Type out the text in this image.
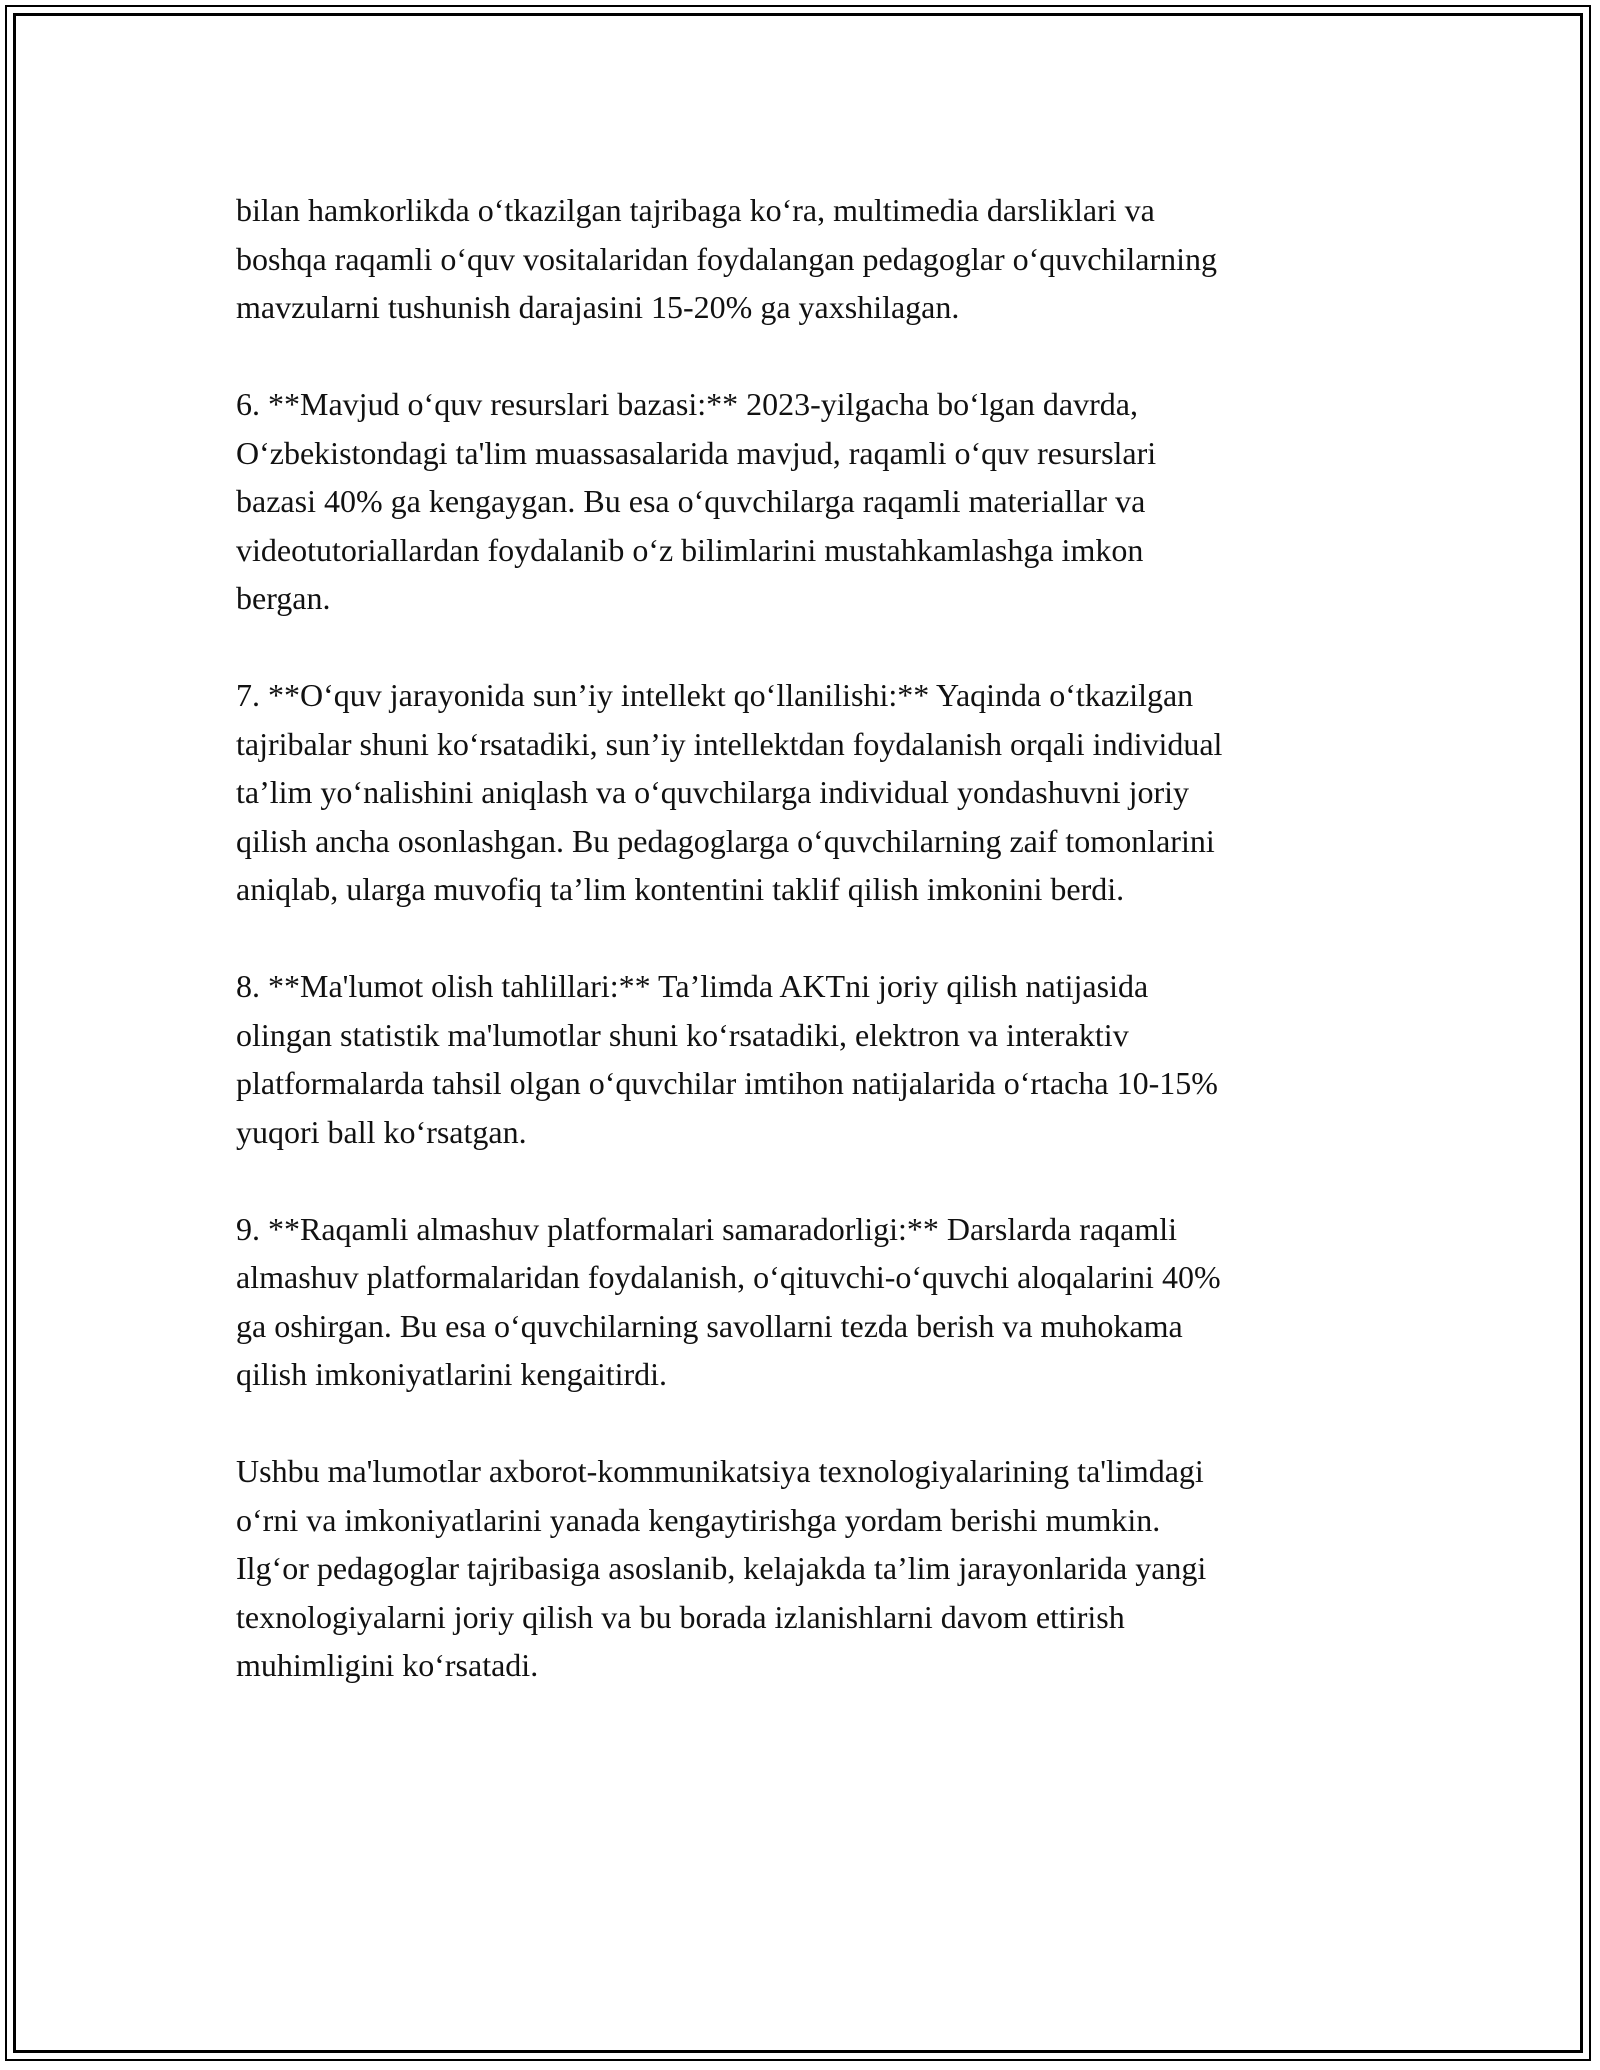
bilan hamkorlikda o‘tkazilgan tajribaga ko‘ra, multimedia darsliklari va
boshqa raqamli o‘quv vositalaridan foydalangan pedagoglar o‘quvchilarning
mavzularni tushunish darajasini 15-20% ga yaxshilagan.

6. **Mavjud o‘quv resurslari bazasi:** 2023-yilgacha bo‘lgan davrda,
O‘zbekistondagi ta'lim muassasalarida mavjud, raqamli o‘quv resurslari
bazasi 40% ga kengaygan. Bu esa o‘quvchilarga raqamli materiallar va
videotutoriallardan foydalanib o‘z bilimlarini mustahkamlashga imkon
bergan.

7. **O‘quv jarayonida sun’iy intellekt qo‘llanilishi:** Yaqinda o‘tkazilgan
tajribalar shuni ko‘rsatadiki, sun’iy intellektdan foydalanish orqali individual
ta’lim yo‘nalishini aniqlash va o‘quvchilarga individual yondashuvni joriy
qilish ancha osonlashgan. Bu pedagoglarga o‘quvchilarning zaif tomonlarini
aniqlab, ularga muvofiq ta’lim kontentini taklif qilish imkonini berdi.

8. **Ma'lumot olish tahlillari:** Ta’limda AKTni joriy qilish natijasida
olingan statistik ma'lumotlar shuni ko‘rsatadiki, elektron va interaktiv
platformalarda tahsil olgan o‘quvchilar imtihon natijalarida o‘rtacha 10-15%
yuqori ball ko‘rsatgan.

9. **Raqamli almashuv platformalari samaradorligi:** Darslarda raqamli
almashuv platformalaridan foydalanish, o‘qituvchi-o‘quvchi aloqalarini 40%
ga oshirgan. Bu esa o‘quvchilarning savollarni tezda berish va muhokama
qilish imkoniyatlarini kengaitirdi.

Ushbu ma'lumotlar axborot-kommunikatsiya texnologiyalarining ta'limdagi
o‘rni va imkoniyatlarini yanada kengaytirishga yordam berishi mumkin.
Ilg‘or pedagoglar tajribasiga asoslanib, kelajakda ta’lim jarayonlarida yangi
texnologiyalarni joriy qilish va bu borada izlanishlarni davom ettirish
muhimligini ko‘rsatadi.
